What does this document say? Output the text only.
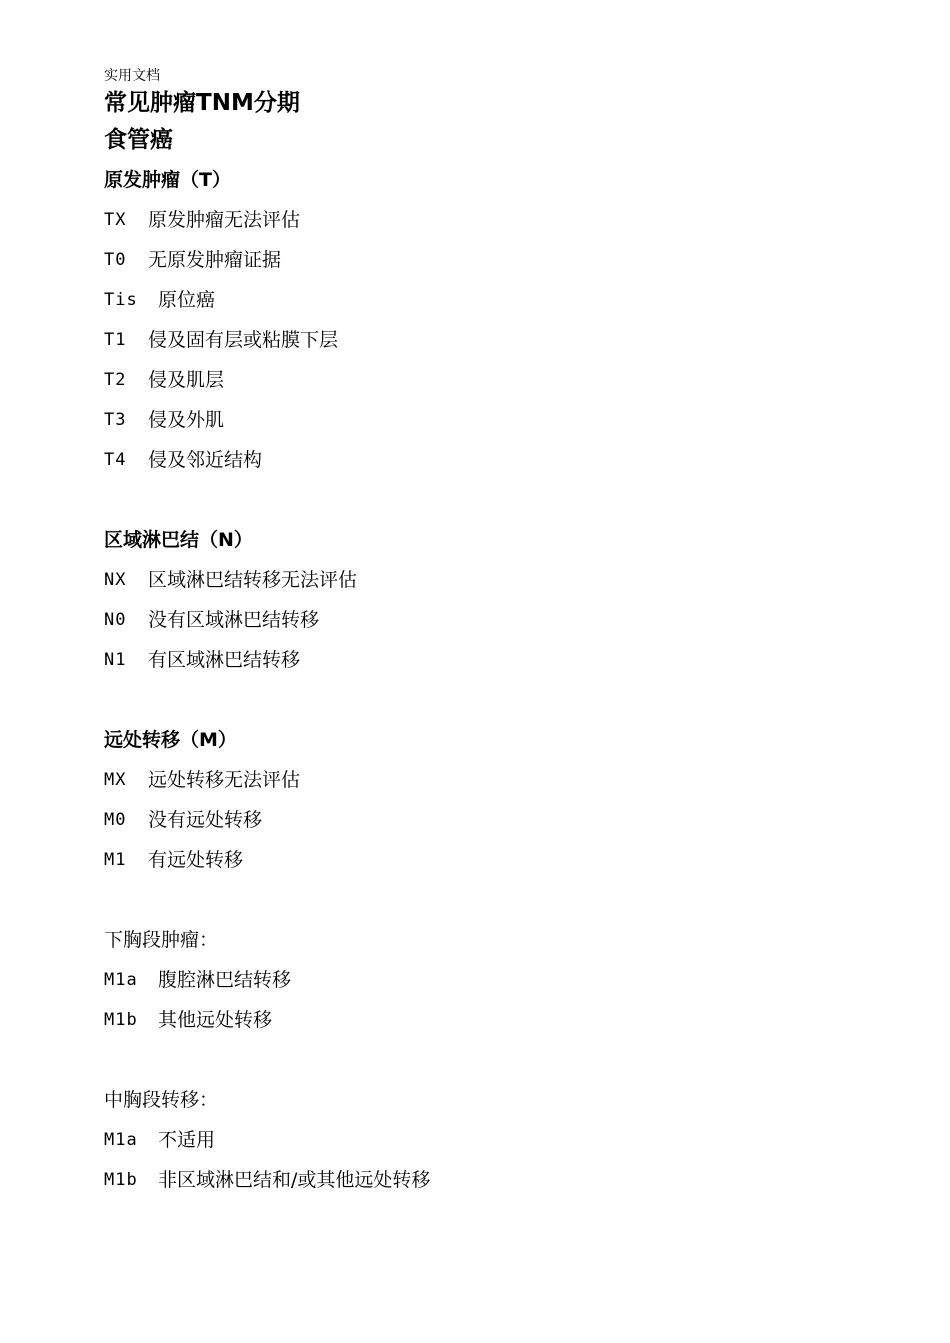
实用文档
常见肿瘤TNM分期
食管癌
原发肿瘤（T）
TX	原发肿瘤无法评估
T0	无原发肿瘤证据
Tis	原位癌
T1	侵及固有层或粘膜下层
T2	侵及肌层
T3	侵及外肌
T4	侵及邻近结构
区域淋巴结（N）
NX	区域淋巴结转移无法评估
N0	没有区域淋巴结转移
N1	有区域淋巴结转移
远处转移（M）
MX	远处转移无法评估
M0	没有远处转移
M1	有远处转移
下胸段肿瘤：
M1a	腹腔淋巴结转移
M1b	其他远处转移
中胸段转移：
M1a	不适用
M1b	非区域淋巴结和/或其他远处转移
